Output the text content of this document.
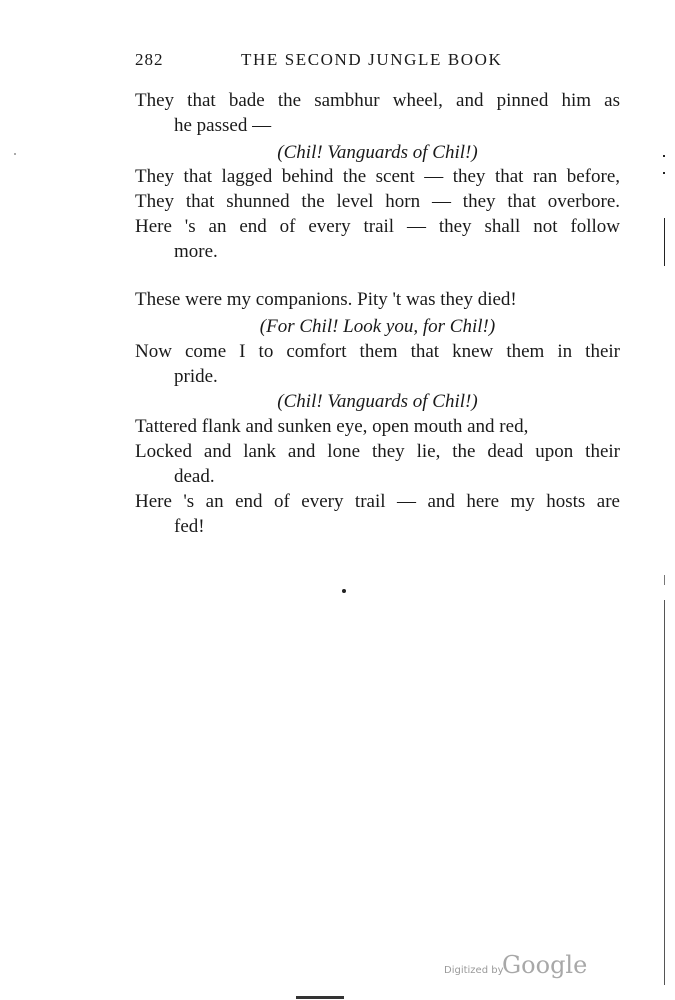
282	THE SECOND JUNGLE BOOK
They that bade the sambhur wheel, and pinned him as
he passed —
(Chil! Vanguards of Chil!)
They that lagged behind the scent — they that ran before,
They that shunned the level horn — they that overbore.
Here 's an end of every trail — they shall not follow
more.
These were my companions. Pity 't was they died!
(For Chil! Look you, for Chil!)
Now come I to comfort them that knew them in their
pride.
(Chil! Vanguards of Chil!)
Tattered flank and sunken eye, open mouth and red,
Locked and lank and lone they lie, the dead upon their
dead.
Here 's an end of every trail — and here my hosts are
fed!
Digitized by
Google
